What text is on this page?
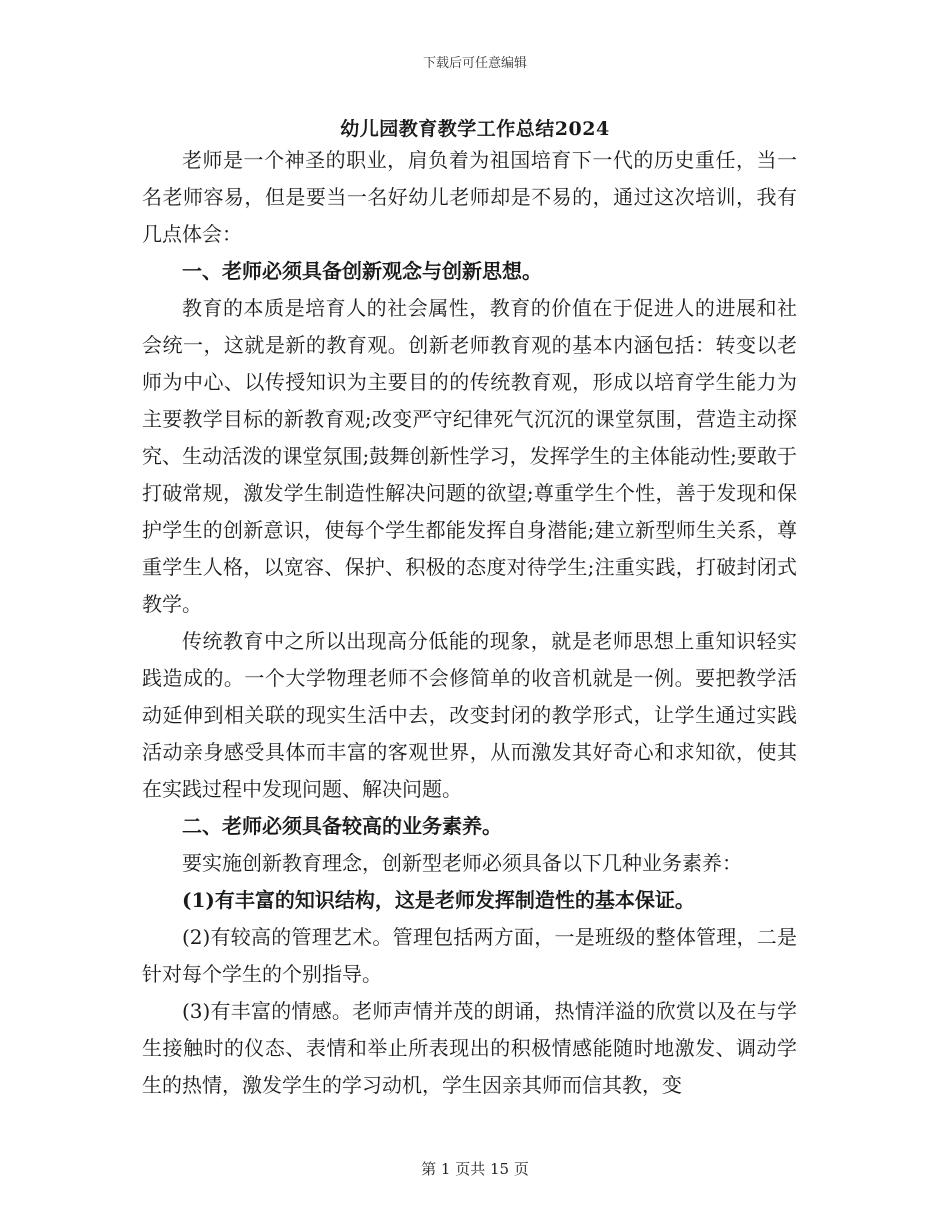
下载后可任意编辑
幼儿园教育教学工作总结2024

老师是一个神圣的职业，肩负着为祖国培育下一代的历史重任，当一名老师容易，但是要当一名好幼儿老师却是不易的，通过这次培训，我有几点体会：

一、老师必须具备创新观念与创新思想。

教育的本质是培育人的社会属性，教育的价值在于促进人的进展和社会统一，这就是新的教育观。创新老师教育观的基本内涵包括：转变以老师为中心、以传授知识为主要目的的传统教育观，形成以培育学生能力为主要教学目标的新教育观;改变严守纪律死气沉沉的课堂氛围，营造主动探究、生动活泼的课堂氛围;鼓舞创新性学习，发挥学生的主体能动性;要敢于打破常规，激发学生制造性解决问题的欲望;尊重学生个性，善于发现和保护学生的创新意识，使每个学生都能发挥自身潜能;建立新型师生关系，尊重学生人格，以宽容、保护、积极的态度对待学生;注重实践，打破封闭式教学。

传统教育中之所以出现高分低能的现象，就是老师思想上重知识轻实践造成的。一个大学物理老师不会修简单的收音机就是一例。要把教学活动延伸到相关联的现实生活中去，改变封闭的教学形式，让学生通过实践活动亲身感受具体而丰富的客观世界，从而激发其好奇心和求知欲，使其在实践过程中发现问题、解决问题。

二、老师必须具备较高的业务素养。

要实施创新教育理念，创新型老师必须具备以下几种业务素养：

(1)有丰富的知识结构，这是老师发挥制造性的基本保证。

(2)有较高的管理艺术。管理包括两方面，一是班级的整体管理，二是针对每个学生的个别指导。

(3)有丰富的情感。老师声情并茂的朗诵，热情洋溢的欣赏以及在与学生接触时的仪态、表情和举止所表现出的积极情感能随时地激发、调动学生的热情，激发学生的学习动机，学生因亲其师而信其教，变

第 1 页共 15 页
